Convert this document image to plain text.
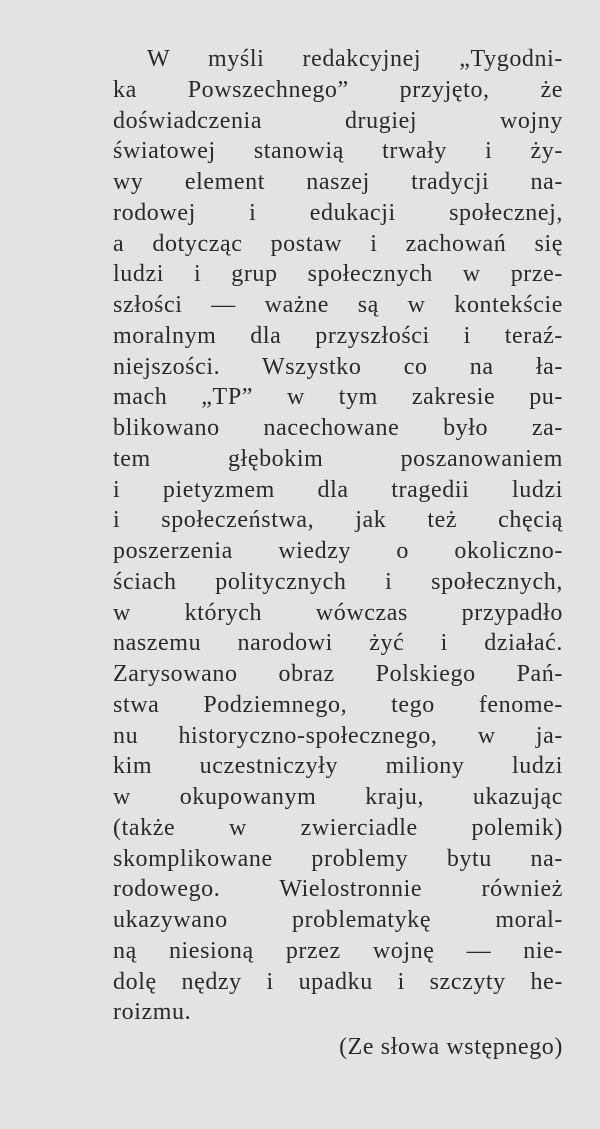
W myśli redakcyjnej „Tygodni-
ka Powszechnego” przyjęto, że
doświadczenia drugiej wojny
światowej stanowią trwały i ży-
wy element naszej tradycji na-
rodowej i edukacji społecznej,
a dotycząc postaw i zachowań się
ludzi i grup społecznych w prze-
szłości — ważne są w kontekście
moralnym dla przyszłości i teraź-
niejszości. Wszystko co na ła-
mach „TP” w tym zakresie pu-
blikowano nacechowane było za-
tem głębokim poszanowaniem
i pietyzmem dla tragedii ludzi
i społeczeństwa, jak też chęcią
poszerzenia wiedzy o okoliczno-
ściach politycznych i społecznych,
w których wówczas przypadło
naszemu narodowi żyć i działać.
Zarysowano obraz Polskiego Pań-
stwa Podziemnego, tego fenome-
nu historyczno-społecznego, w ja-
kim uczestniczyły miliony ludzi
w okupowanym kraju, ukazując
(także w zwierciadle polemik)
skomplikowane problemy bytu na-
rodowego. Wielostronnie również
ukazywano problematykę moral-
ną niesioną przez wojnę — nie-
dolę nędzy i upadku i szczyty he-
roizmu.
(Ze słowa wstępnego)
